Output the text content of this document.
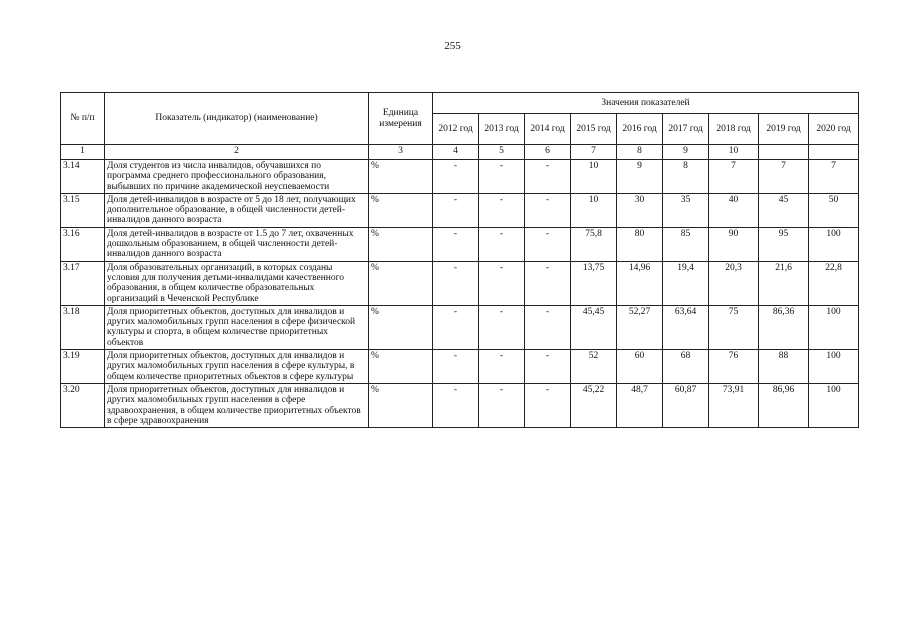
255
№ п/п	Показатель (индикатор) (наименование)	Единица измерения	Значения показателей								
			2012 год	2013 год	2014 год	2015 год	2016 год	2017 год	2018 год	2019 год	2020 год
1	2	3	4	5	6	7	8	9	10		
3.14	Доля студентов из числа инвалидов, обучавшихся по программа среднего профессионального образования, выбывших по причине академической неуспеваемости	%	-	-	-	10	9	8	7	7	7
3.15	Доля детей-инвалидов в возрасте от 5 до 18 лет, получающих дополнительное образование, в общей численности детей-инвалидов данного возраста	%	-	-	-	10	30	35	40	45	50
3.16	Доля детей-инвалидов в возрасте от 1.5 до 7 лет, охваченных дошкольным образованием, в общей численности детей-инвалидов данного возраста	%	-	-	-	75,8	80	85	90	95	100
3.17	Доля образовательных организаций, в которых созданы условия для получения детьми-инвалидами качественного образования, в общем количестве образовательных организаций в Чеченской Республике	%	-	-	-	13,75	14,96	19,4	20,3	21,6	22,8
3.18	Доля приоритетных объектов, доступных для инвалидов и других маломобильных групп населения в сфере физической культуры и спорта, в общем количестве приоритетных объектов	%	-	-	-	45,45	52,27	63,64	75	86,36	100
3.19	Доля приоритетных объектов, доступных для инвалидов и других маломобильных групп населения в сфере культуры, в общем количестве приоритетных объектов в сфере культуры	%	-	-	-	52	60	68	76	88	100
3.20	Доля приоритетных объектов, доступных для инвалидов и других маломобильных групп населения в сфере здравоохранения, в общем количестве приоритетных объектов в сфере здравоохранения	%	-	-	-	45,22	48,7	60,87	73,91	86,96	100
